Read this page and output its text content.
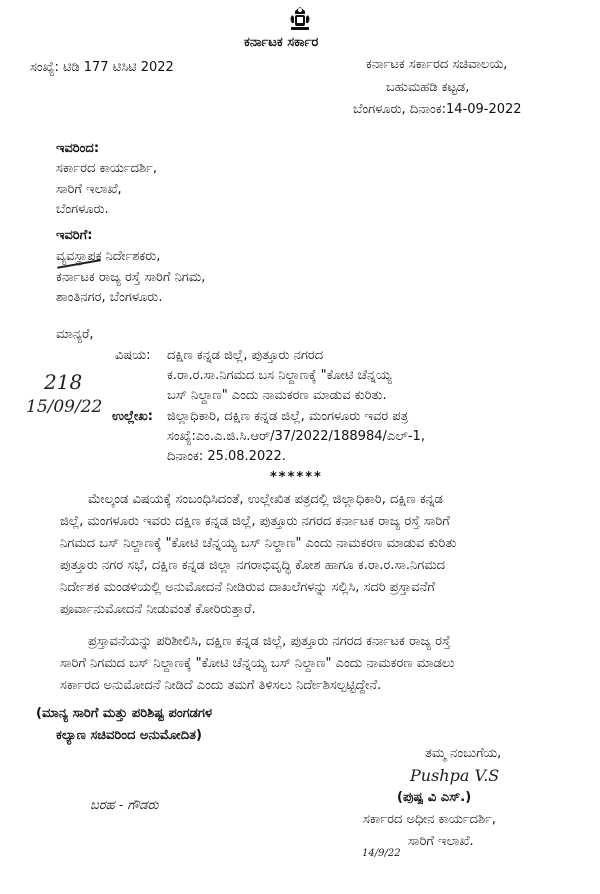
ಕರ್ನಾಟಕ ಸರ್ಕಾರ
ಸಂಖ್ಯೆ: ಟಿಡಿ 177 ಟಿಸಿಟಿ 2022	ಕರ್ನಾಟಕ ಸರ್ಕಾರದ ಸಚಿವಾಲಯ,
ಬಹುಮಹಡಿ ಕಟ್ಟಡ,
ಬೆಂಗಳೂರು, ದಿನಾಂಕ:14-09-2022
ಇವರಿಂದ:
ಸರ್ಕಾರದ ಕಾರ್ಯದರ್ಶಿ,
ಸಾರಿಗೆ ಇಲಾಖೆ,
ಬೆಂಗಳೂರು.
ಇವರಿಗೆ:
ವ್ಯವಸ್ಥಾಪಕ ನಿರ್ದೇಶಕರು,
ಕರ್ನಾಟಕ ರಾಜ್ಯ ರಸ್ತೆ ಸಾರಿಗೆ ನಿಗಮ,
ಶಾಂತಿನಗರ, ಬೆಂಗಳೂರು.
ಮಾನ್ಯರೆ,
ವಿಷಯ: ದಕ್ಷಿಣ ಕನ್ನಡ ಜಿಲ್ಲೆ, ಪುತ್ತೂರು ನಗರದ
ಕ.ರಾ.ರ.ಸಾ.ನಿಗಮದ ಬಸ ನಿಲ್ದಾಣಕ್ಕೆ "ಕೋಟಿ ಚೆನ್ನಯ್ಯ
ಬಸ್ ನಿಲ್ದಾಣ" ಎಂದು ನಾಮಕರಣ ಮಾಡುವ ಕುರಿತು.
218
15/09/22 ಉಲ್ಲೇಖ: ಜಿಲ್ಲಾಧಿಕಾರಿ, ದಕ್ಷಿಣ ಕನ್ನಡ ಜಿಲ್ಲೆ, ಮಂಗಳೂರು ಇವರ ಪತ್ರ
ಸಂಖ್ಯೆ:ಎಂ.ಎ.ಜಿ.ಸಿ.ಆರ್/37/2022/188984/ಎಲ್-1,
ದಿನಾಂಕ: 25.08.2022.
******
ಮೇಲ್ಕಂಡ ವಿಷಯಕ್ಕೆ ಸಂಬಂಧಿಸಿದಂತೆ, ಉಲ್ಲೇಖಿತ ಪತ್ರದಲ್ಲಿ ಜಿಲ್ಲಾಧಿಕಾರಿ, ದಕ್ಷಿಣ ಕನ್ನಡ
ಜಿಲ್ಲೆ, ಮಂಗಳೂರು ಇವರು ದಕ್ಷಿಣ ಕನ್ನಡ ಜಿಲ್ಲೆ, ಪುತ್ತೂರು ನಗರದ ಕರ್ನಾಟಕ ರಾಜ್ಯ ರಸ್ತೆ ಸಾರಿಗೆ
ನಿಗಮದ ಬಸ್ ನಿಲ್ದಾಣಕ್ಕೆ "ಕೋಟಿ ಚೆನ್ನಯ್ಯ ಬಸ್ ನಿಲ್ದಾಣ" ಎಂದು ನಾಮಕರಣ ಮಾಡುವ ಕುರಿತು
ಪುತ್ತೂರು ನಗರ ಸಭೆ, ದಕ್ಷಿಣ ಕನ್ನಡ ಜಿಲ್ಲಾ ನಗರಾಭಿವೃದ್ಧಿ ಕೋಶ ಹಾಗೂ ಕ.ರಾ.ರ.ಸಾ.ನಿಗಮದ
ನಿರ್ದೇಶಕ ಮಂಡಳಿಯಲ್ಲಿ ಅನುಮೋದನೆ ನೀಡಿರುವ ದಾಖಲೆಗಳನ್ನು ಸಲ್ಲಿಸಿ, ಸದರಿ ಪ್ರಸ್ತಾವನೆಗೆ
ಪೂರ್ವಾನುಮೋದನೆ ನೀಡುವಂತೆ ಕೋರಿರುತ್ತಾರೆ.
ಪ್ರಸ್ತಾವನೆಯನ್ನು ಪರಿಶೀಲಿಸಿ, ದಕ್ಷಿಣ ಕನ್ನಡ ಜಿಲ್ಲೆ, ಪುತ್ತೂರು ನಗರದ ಕರ್ನಾಟಕ ರಾಜ್ಯ ರಸ್ತೆ
ಸಾರಿಗೆ ನಿಗಮದ ಬಸ್ ನಿಲ್ದಾಣಕ್ಕೆ "ಕೋಟಿ ಚೆನ್ನಯ್ಯ ಬಸ್ ನಿಲ್ದಾಣ" ಎಂದು ನಾಮಕರಣ ಮಾಡಲು
ಸರ್ಕಾರದ ಅನುಮೋದನೆ ನೀಡಿದೆ ಎಂದು ತಮಗೆ ತಿಳಿಸಲು ನಿರ್ದೇಶಿಸಲ್ಪಟ್ಟಿದ್ದೇನೆ.
(ಮಾನ್ಯ ಸಾರಿಗೆ ಮತ್ತು ಪರಿಶಿಷ್ಟ ಪಂಗಡಗಳ
ಕಲ್ಯಾಣ ಸಚಿವರಿಂದ ಅನುಮೋದಿತ)
ತಮ್ಮ ನಂಬುಗೆಯ,
Pushpa V.S
(ಪುಷ್ಪ ವಿ ಎಸ್.)
ಸರ್ಕಾರದ ಅಧೀನ ಕಾರ್ಯದರ್ಶಿ,
ಸಾರಿಗೆ ಇಲಾಖೆ.
ಬರಹ - ಗೌಡರು
14/9/22
